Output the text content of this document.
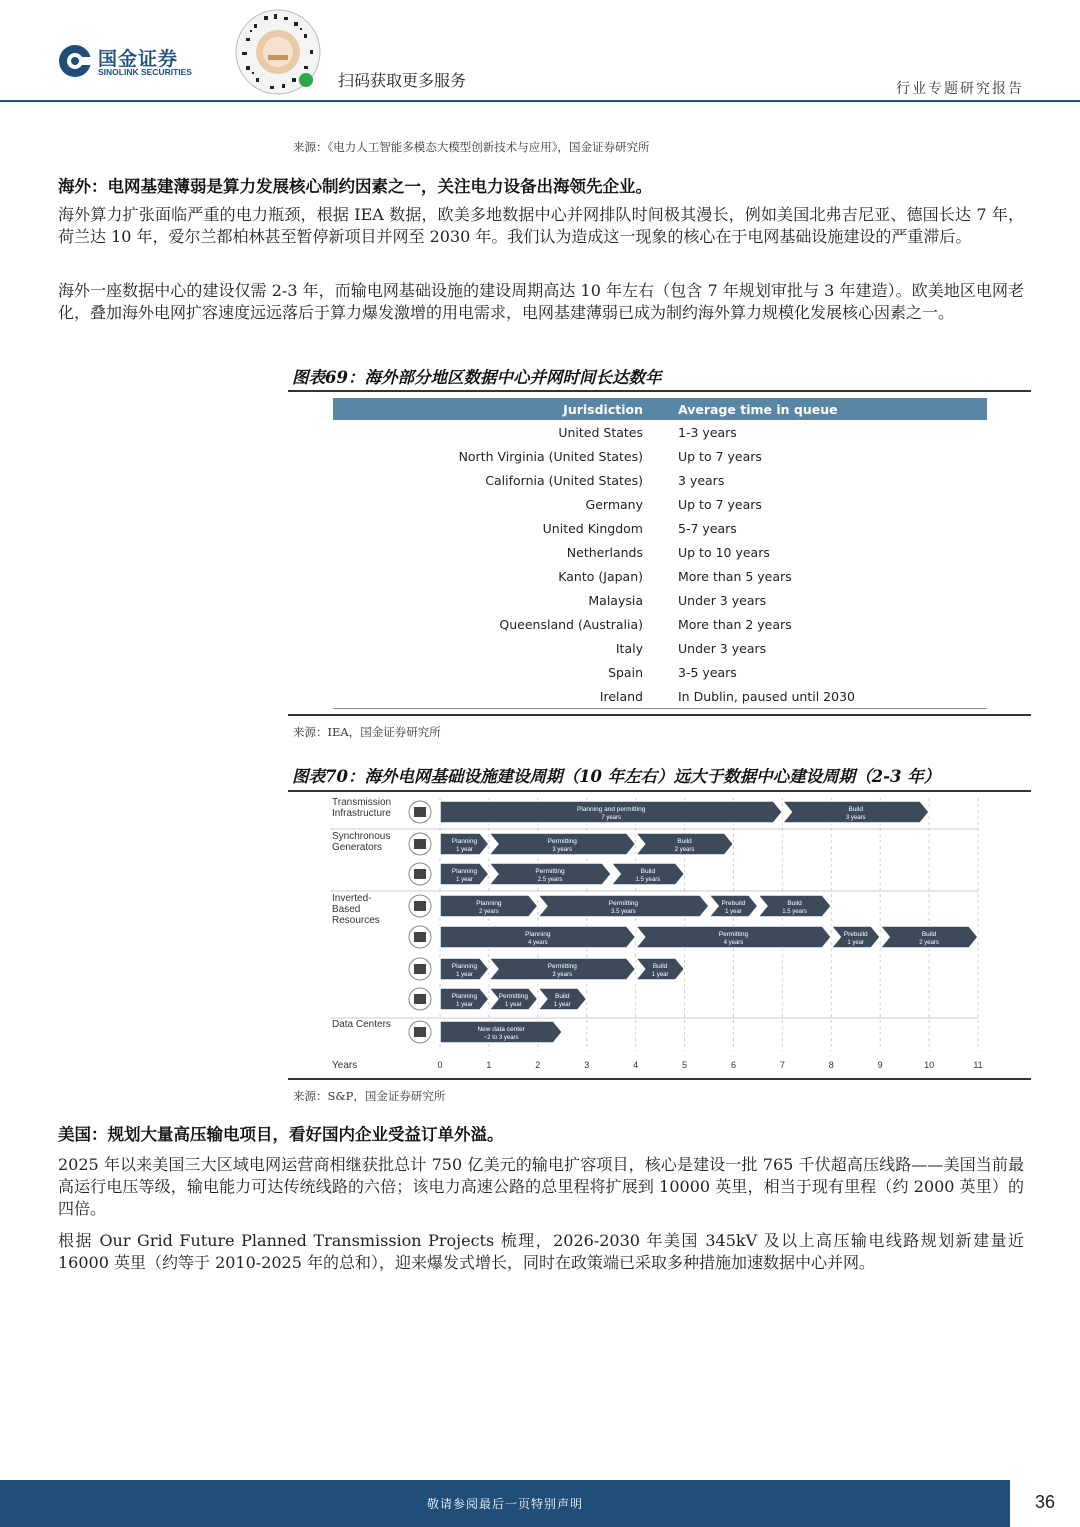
国金证券
SINOLINK SECURITIES	扫码获取更多服务	行业专题研究报告
来源：《电力人工智能多模态大模型创新技术与应用》，国金证券研究所
海外：电网基建薄弱是算力发展核心制约因素之一，关注电力设备出海领先企业。
海外算力扩张面临严重的电力瓶颈，根据 IEA 数据，欧美多地数据中心并网排队时间极其漫长，例如美国北弗吉尼亚、德国长达 7 年，荷兰达 10 年，爱尔兰都柏林甚至暂停新项目并网至 2030 年。我们认为造成这一现象的核心在于电网基础设施建设的严重滞后。
海外一座数据中心的建设仅需 2-3 年，而输电网基础设施的建设周期高达 10 年左右（包含 7 年规划审批与 3 年建造）。欧美地区电网老化，叠加海外电网扩容速度远远落后于算力爆发激增的用电需求，电网基建薄弱已成为制约海外算力规模化发展核心因素之一。
图表69：海外部分地区数据中心并网时间长达数年
Jurisdiction	Average time in queue
United States	1-3 years
North Virginia (United States)	Up to 7 years
California (United States)	3 years
Germany	Up to 7 years
United Kingdom	5-7 years
Netherlands	Up to 10 years
Kanto (Japan)	More than 5 years
Malaysia	Under 3 years
Queensland (Australia)	More than 2 years
Italy	Under 3 years
Spain	3-5 years
Ireland	In Dublin, paused until 2030
来源：IEA，国金证券研究所
图表70：海外电网基础设施建设周期（10 年左右）远大于数据中心建设周期（2-3 年）
0	1	2	3	4	5	6	7	8	9	10	11
Years
Transmission Infrastructure
Synchronous Generators
Inverted-Based Resources
Data Centers
Planning and permitting
7 years
Build
3 years
Planning
1 year
Permitting
3 years
Build
2 years
Planning
1 year
Permitting
2.5 years
Build
1.5 years
Planning
2 years
Permitting
3.5 years
Prebuild
1 year
Build
1.5 years
Planning
4 years
Permitting
4 years
Prebuild
1 year
Build
2 years
Planning
1 year
Permitting
3 years
Build
1 year
Planning
1 year
Permitting
1 year
Build
1 year
New data center
~2 to 3 years
来源：S&P，国金证券研究所
美国：规划大量高压输电项目，看好国内企业受益订单外溢。
2025 年以来美国三大区域电网运营商相继获批总计 750 亿美元的输电扩容项目，核心是建设一批 765 千伏超高压线路——美国当前最高运行电压等级，输电能力可达传统线路的六倍；该电力高速公路的总里程将扩展到 10000 英里，相当于现有里程（约 2000 英里）的四倍。
根据 Our Grid Future Planned Transmission Projects 梳理，2026-2030 年美国 345kV 及以上高压输电线路规划新建量近 16000 英里（约等于 2010-2025 年的总和），迎来爆发式增长，同时在政策端已采取多种措施加速数据中心并网。
敬请参阅最后一页特别声明	36
